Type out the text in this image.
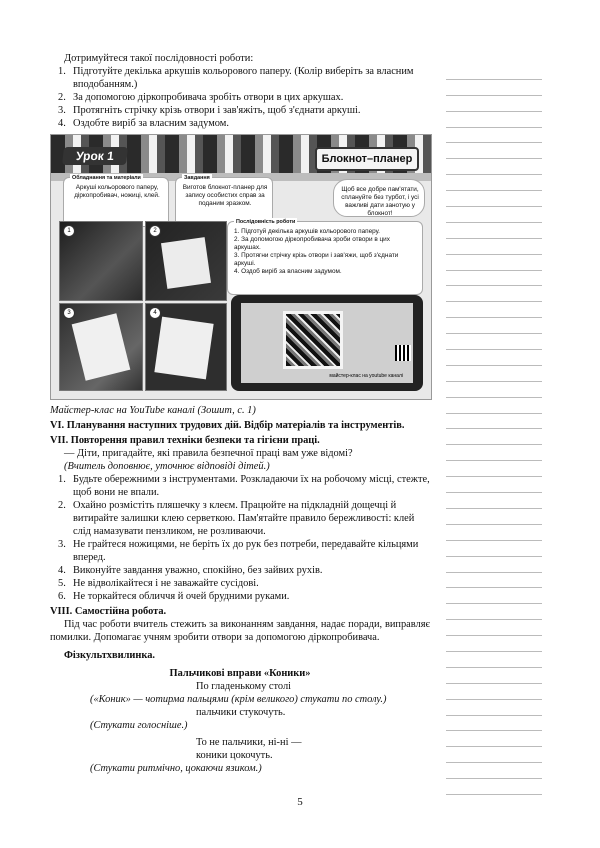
Дотримуйтеся такої послідовності роботи:

1. Підготуйте декілька аркушів кольорового паперу. (Колір виберіть за власним вподобанням.)
2. За допомогою діркопробивача зробіть отвори в цих аркушах.
3. Протягніть стрічку крізь отвори і зав'яжіть, щоб з'єднати аркуші.
4. Оздобте виріб за власним задумом.
Урок 1	Блокнот–планер
Обладнання та матеріали
Аркуші кольорового паперу, діркопробивач, ножиці, клей.
Завдання
Виготов блокнот-планер для запису особистих справ за поданим зразком.
Щоб все добре пам'ятати, сплануйте без турбот, і усі важливі дати занотую у блокнот!
Послідовність роботи
1. Підготуй декілька аркушів кольорового паперу.
2. За допомогою діркопробивача зроби отвори в цих аркушах.
3. Протягни стрічку крізь отвори і зав'яжи, щоб з'єднати аркуші.
4. Оздоб виріб за власним задумом.
1	2
3	4
майстер-клас на youtube каналі

Майстер-клас на YouTube каналі (Зошит, с. 1)

VI. Планування наступних трудових дій. Відбір матеріалів та інструментів.

VII. Повторення правил техніки безпеки та гігієни праці.

— Діти, пригадайте, які правила безпечної праці вам уже відомі?

(Вчитель доповнює, уточнює відповіді дітей.)

1. Будьте обережними з інструментами. Розкладаючи їх на робочому місці, стежте, щоб вони не впали.
2. Охайно розмістіть пляшечку з клеєм. Працюйте на підкладній дощечці й витирайте залишки клею серветкою. Пам'ятайте правило бережливості: клей слід намазувати пензликом, не розливаючи.
3. Не грайтеся ножицями, не беріть їх до рук без потреби, передавайте кільцями вперед.
4. Виконуйте завдання уважно, спокійно, без зайвих рухів.
5. Не відволікайтеся і не заважайте сусідові.
6. Не торкайтеся обличчя й очей брудними руками.

VIII. Самостійна робота.

Під час роботи вчитель стежить за виконанням завдання, надає поради, виправляє помилки. Допомагає учням зробити отвори за допомогою діркопробивача.

Фізкультхвилинка.

Пальчикові вправи «Коники»

По гладенькому столі

(«Коник» — чотирма пальцями (крім великого) стукати по столу.)

пальчики стукочуть.

(Стукати голосніше.)

То не пальчики, ні-ні —

коники цокочуть.

(Стукати ритмічно, цокаючи язиком.)

5
